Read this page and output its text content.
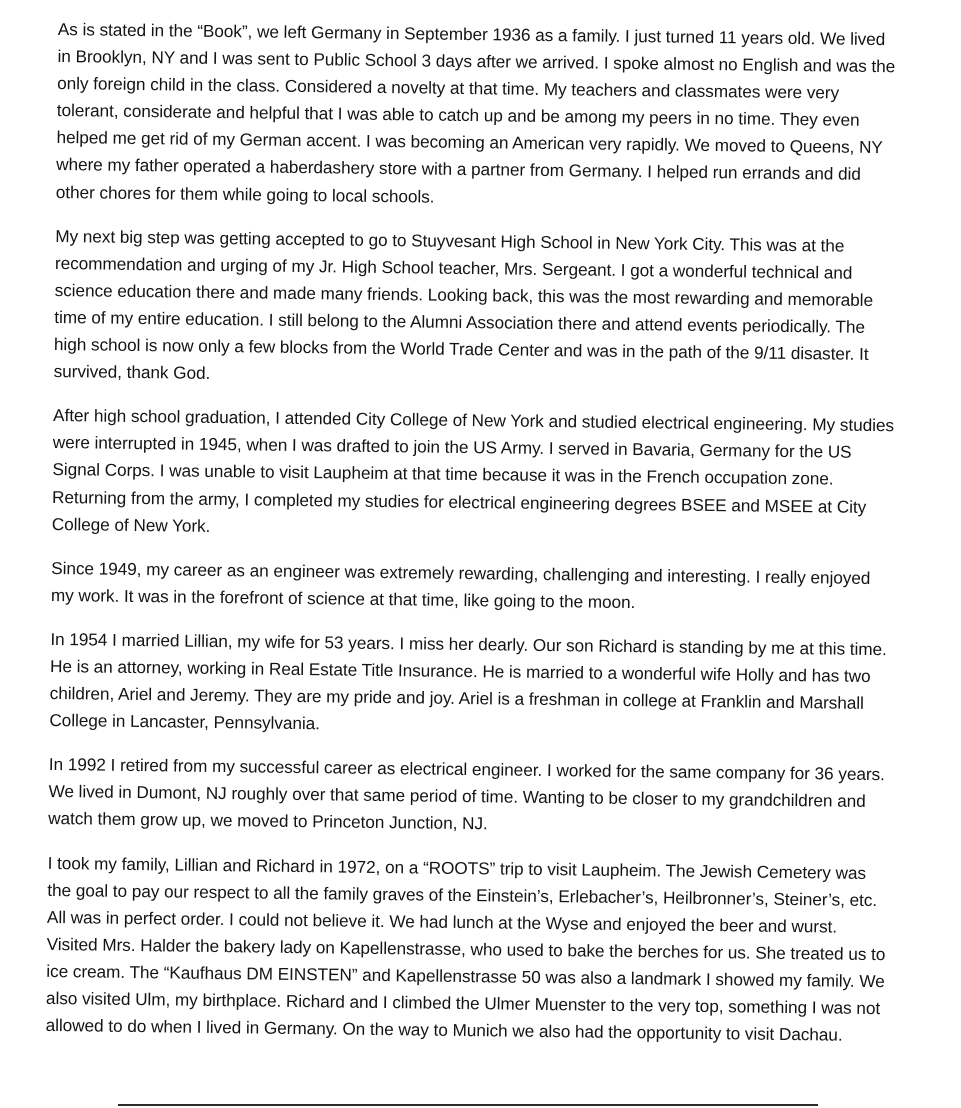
As is stated in the “Book”, we left Germany in September 1936 as a family. I just turned 11 years old. We lived in Brooklyn, NY and I was sent to Public School 3 days after we arrived. I spoke almost no English and was the only foreign child in the class. Considered a novelty at that time. My teachers and classmates were very tolerant, considerate and helpful that I was able to catch up and be among my peers in no time. They even helped me get rid of my German accent. I was becoming an American very rapidly. We moved to Queens, NY where my father operated a haberdashery store with a partner from Germany. I helped run errands and did other chores for them while going to local schools.

My next big step was getting accepted to go to Stuyvesant High School in New York City. This was at the recommendation and urging of my Jr. High School teacher, Mrs. Sergeant. I got a wonderful technical and science education there and made many friends. Looking back, this was the most rewarding and memorable time of my entire education. I still belong to the Alumni Association there and attend events periodically. The high school is now only a few blocks from the World Trade Center and was in the path of the 9/11 disaster. It survived, thank God.

After high school graduation, I attended City College of New York and studied electrical engineering. My studies were interrupted in 1945, when I was drafted to join the US Army. I served in Bavaria, Germany for the US Signal Corps. I was unable to visit Laupheim at that time because it was in the French occupation zone. Returning from the army, I completed my studies for electrical engineering degrees BSEE and MSEE at City College of New York.

Since 1949, my career as an engineer was extremely rewarding, challenging and interesting. I really enjoyed my work. It was in the forefront of science at that time, like going to the moon.

In 1954 I married Lillian, my wife for 53 years. I miss her dearly. Our son Richard is standing by me at this time. He is an attorney, working in Real Estate Title Insurance. He is married to a wonderful wife Holly and has two children, Ariel and Jeremy. They are my pride and joy. Ariel is a freshman in college at Franklin and Marshall College in Lancaster, Pennsylvania.

In 1992 I retired from my successful career as electrical engineer. I worked for the same company for 36 years. We lived in Dumont, NJ roughly over that same period of time. Wanting to be closer to my grandchildren and watch them grow up, we moved to Princeton Junction, NJ.

I took my family, Lillian and Richard in 1972, on a “ROOTS” trip to visit Laupheim. The Jewish Cemetery was the goal to pay our respect to all the family graves of the Einstein’s, Erlebacher’s, Heilbronner’s, Steiner’s, etc. All was in perfect order. I could not believe it. We had lunch at the Wyse and enjoyed the beer and wurst. Visited Mrs. Halder the bakery lady on Kapellenstrasse, who used to bake the berches for us. She treated us to ice cream. The “Kaufhaus DM EINSTEN” and Kapellenstrasse 50 was also a landmark I showed my family. We also visited Ulm, my birthplace. Richard and I climbed the Ulmer Muenster to the very top, something I was not allowed to do when I lived in Germany. On the way to Munich we also had the opportunity to visit Dachau.
